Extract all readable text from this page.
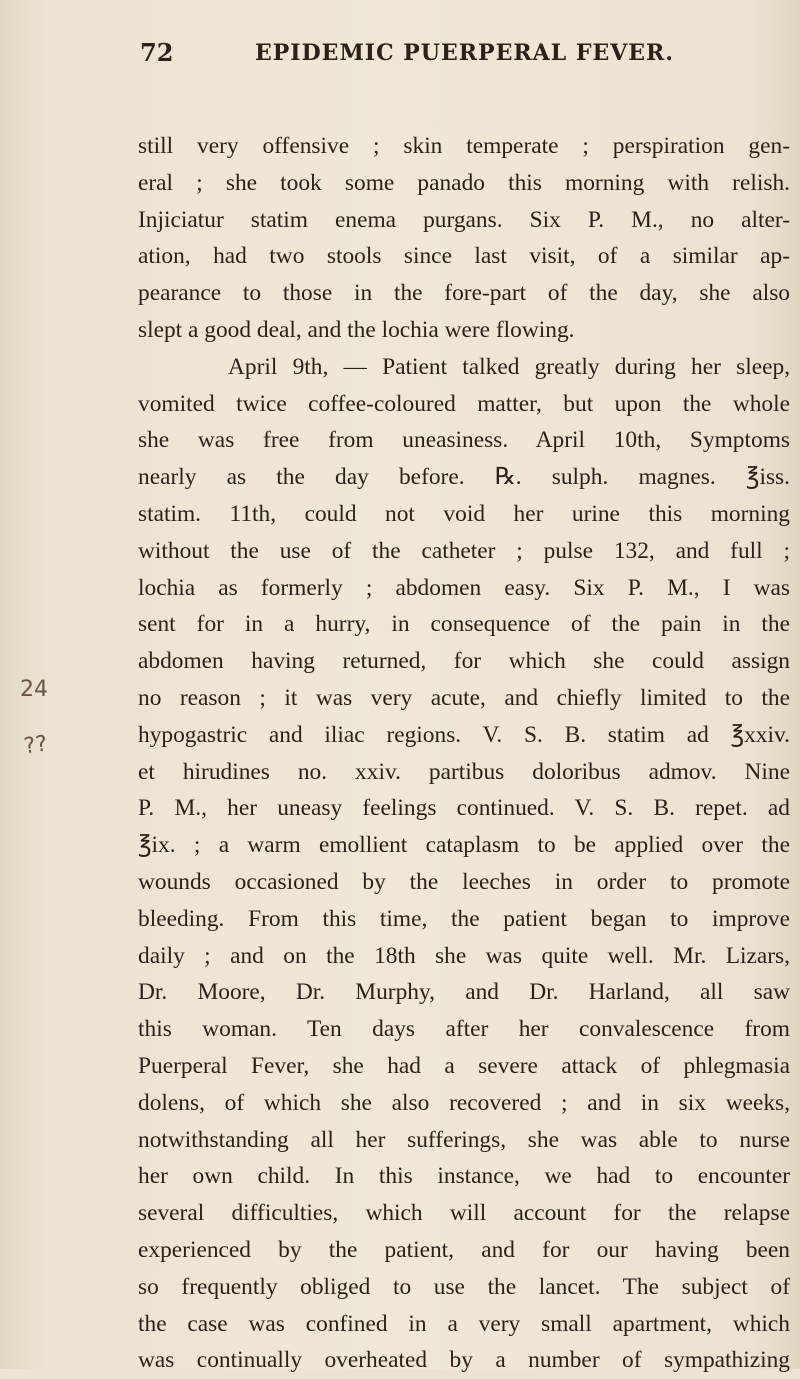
72	EPIDEMIC PUERPERAL FEVER.
24
??
still very offensive ; skin temperate ; perspiration gen-
eral ; she took some panado this morning with relish.
Injiciatur statim enema purgans. Six P. M., no alter-
ation, had two stools since last visit, of a similar ap-
pearance to those in the fore-part of the day, she also
slept a good deal, and the lochia were flowing.
April 9th, — Patient talked greatly during her sleep,
vomited twice coffee-coloured matter, but upon the whole
she was free from uneasiness. April 10th, Symptoms
nearly as the day before. ℞. sulph. magnes. ℥iss.
statim. 11th, could not void her urine this morning
without the use of the catheter ; pulse 132, and full ;
lochia as formerly ; abdomen easy. Six P. M., I was
sent for in a hurry, in consequence of the pain in the
abdomen having returned, for which she could assign
no reason ; it was very acute, and chiefly limited to the
hypogastric and iliac regions. V. S. B. statim ad ℥xxiv.
et hirudines no. xxiv. partibus doloribus admov. Nine
P. M., her uneasy feelings continued. V. S. B. repet. ad
℥ix. ; a warm emollient cataplasm to be applied over the
wounds occasioned by the leeches in order to promote
bleeding. From this time, the patient began to improve
daily ; and on the 18th she was quite well. Mr. Lizars,
Dr. Moore, Dr. Murphy, and Dr. Harland, all saw
this woman. Ten days after her convalescence from
Puerperal Fever, she had a severe attack of phlegmasia
dolens, of which she also recovered ; and in six weeks,
notwithstanding all her sufferings, she was able to nurse
her own child. In this instance, we had to encounter
several difficulties, which will account for the relapse
experienced by the patient, and for our having been
so frequently obliged to use the lancet. The subject of
the case was confined in a very small apartment, which
was continually overheated by a number of sympathizing
